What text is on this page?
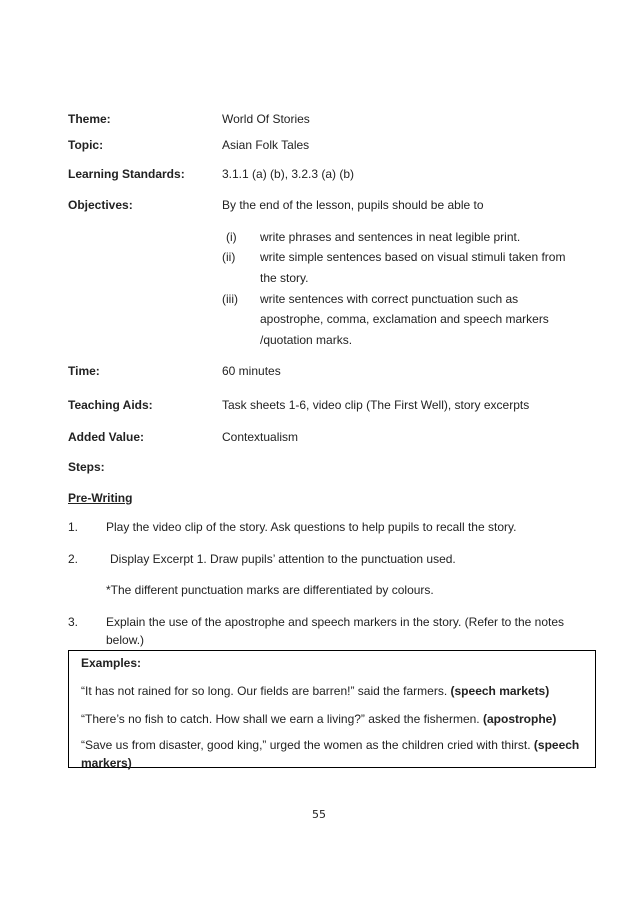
Theme:	World Of Stories
Topic:	Asian Folk Tales
Learning Standards:	3.1.1 (a) (b), 3.2.3 (a) (b)
Objectives:	By the end of the lesson, pupils should be able to
(i) write phrases and sentences in neat legible print.
(ii) write simple sentences based on visual stimuli taken from
the story.
(iii) write sentences with correct punctuation such as
apostrophe, comma, exclamation and speech markers
/quotation marks.
Time:	60 minutes
Teaching Aids:	Task sheets 1-6, video clip (The First Well), story excerpts
Added Value:	Contextualism
Steps:
Pre-Writing
1. Play the video clip of the story. Ask questions to help pupils to recall the story.
2.	Display Excerpt 1. Draw pupils’ attention to the punctuation used.
*The different punctuation marks are differentiated by colours.
3. Explain the use of the apostrophe and speech markers in the story. (Refer to the notes
below.)
Examples:
“It has not rained for so long. Our fields are barren!” said the farmers. (speech markets)
“There’s no fish to catch. How shall we earn a living?” asked the fishermen. (apostrophe)
“Save us from disaster, good king,” urged the women as the children cried with thirst. (speech
markers)
55
